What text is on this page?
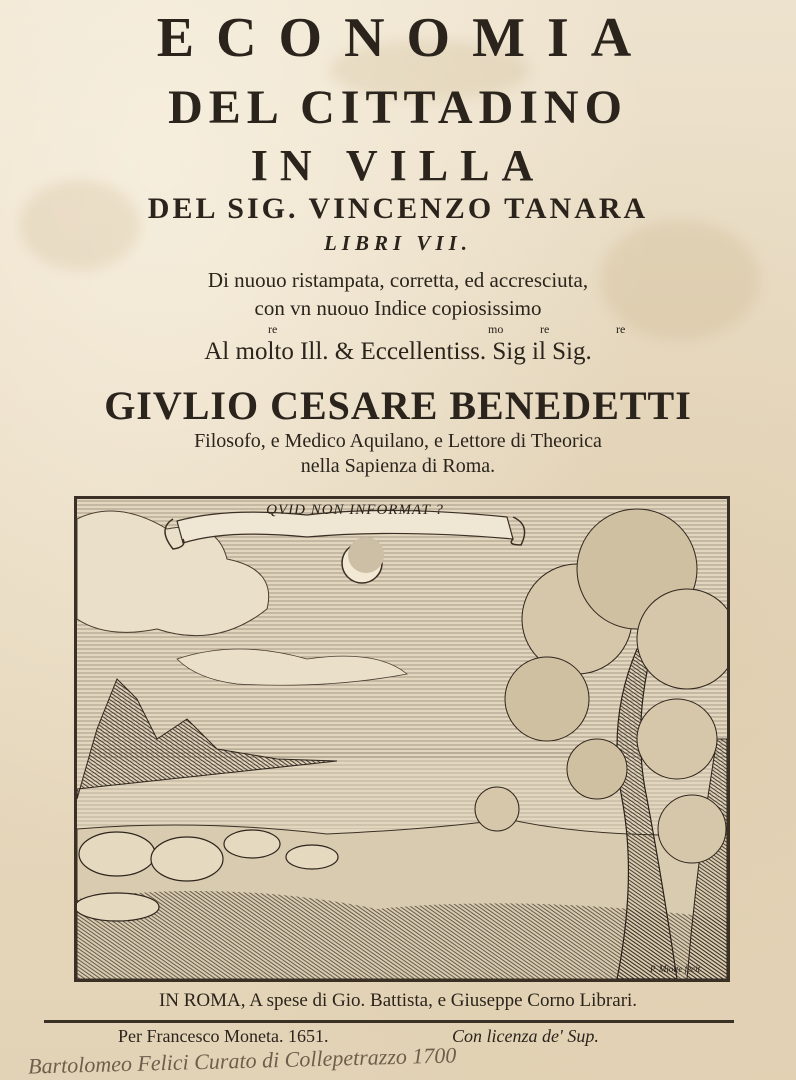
ECONOMIA
DEL CITTADINO
IN VILLA
DEL SIG. VINCENZO TANARA
LIBRI VII.
Di nuouo ristampata, corretta, ed accresciuta,
con vn nuouo Indice copiosissimo
re	mo	re	re
Al molto Ill. & Eccellentiss. Sig il Sig.
GIVLIO CESARE BENEDETTI
Filosofo, e Medico Aquilano, e Lettore di Theorica
nella Sapienza di Roma.
QVID NON INFORMAT ?
P. Miotte fecit
IN ROMA, A spese di Gio. Battista, e Giuseppe Corno Librari.
Per Francesco Moneta. 1651.	Con licenza de' Sup.
Bartolomeo Felici Curato di Collepetrazzo 1700
